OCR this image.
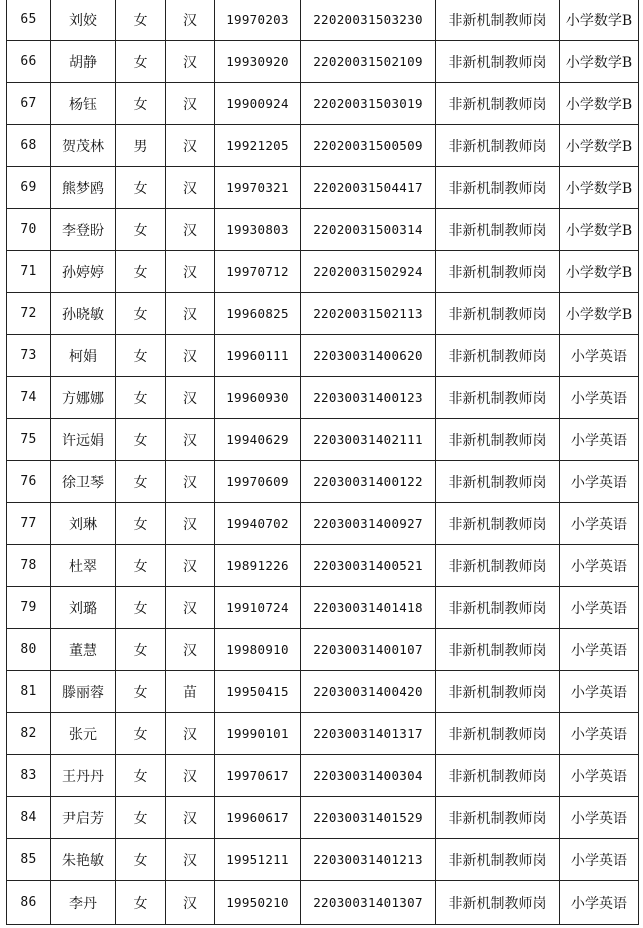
65	刘姣	女	汉	19970203	22020031503230	非新机制教师岗	小学数学B
66	胡静	女	汉	19930920	22020031502109	非新机制教师岗	小学数学B
67	杨钰	女	汉	19900924	22020031503019	非新机制教师岗	小学数学B
68	贺茂林	男	汉	19921205	22020031500509	非新机制教师岗	小学数学B
69	熊梦鸥	女	汉	19970321	22020031504417	非新机制教师岗	小学数学B
70	李登盼	女	汉	19930803	22020031500314	非新机制教师岗	小学数学B
71	孙婷婷	女	汉	19970712	22020031502924	非新机制教师岗	小学数学B
72	孙晓敏	女	汉	19960825	22020031502113	非新机制教师岗	小学数学B
73	柯娟	女	汉	19960111	22030031400620	非新机制教师岗	小学英语
74	方娜娜	女	汉	19960930	22030031400123	非新机制教师岗	小学英语
75	许远娟	女	汉	19940629	22030031402111	非新机制教师岗	小学英语
76	徐卫琴	女	汉	19970609	22030031400122	非新机制教师岗	小学英语
77	刘琳	女	汉	19940702	22030031400927	非新机制教师岗	小学英语
78	杜翠	女	汉	19891226	22030031400521	非新机制教师岗	小学英语
79	刘璐	女	汉	19910724	22030031401418	非新机制教师岗	小学英语
80	董慧	女	汉	19980910	22030031400107	非新机制教师岗	小学英语
81	滕丽蓉	女	苗	19950415	22030031400420	非新机制教师岗	小学英语
82	张元	女	汉	19990101	22030031401317	非新机制教师岗	小学英语
83	王丹丹	女	汉	19970617	22030031400304	非新机制教师岗	小学英语
84	尹启芳	女	汉	19960617	22030031401529	非新机制教师岗	小学英语
85	朱艳敏	女	汉	19951211	22030031401213	非新机制教师岗	小学英语
86	李丹	女	汉	19950210	22030031401307	非新机制教师岗	小学英语
